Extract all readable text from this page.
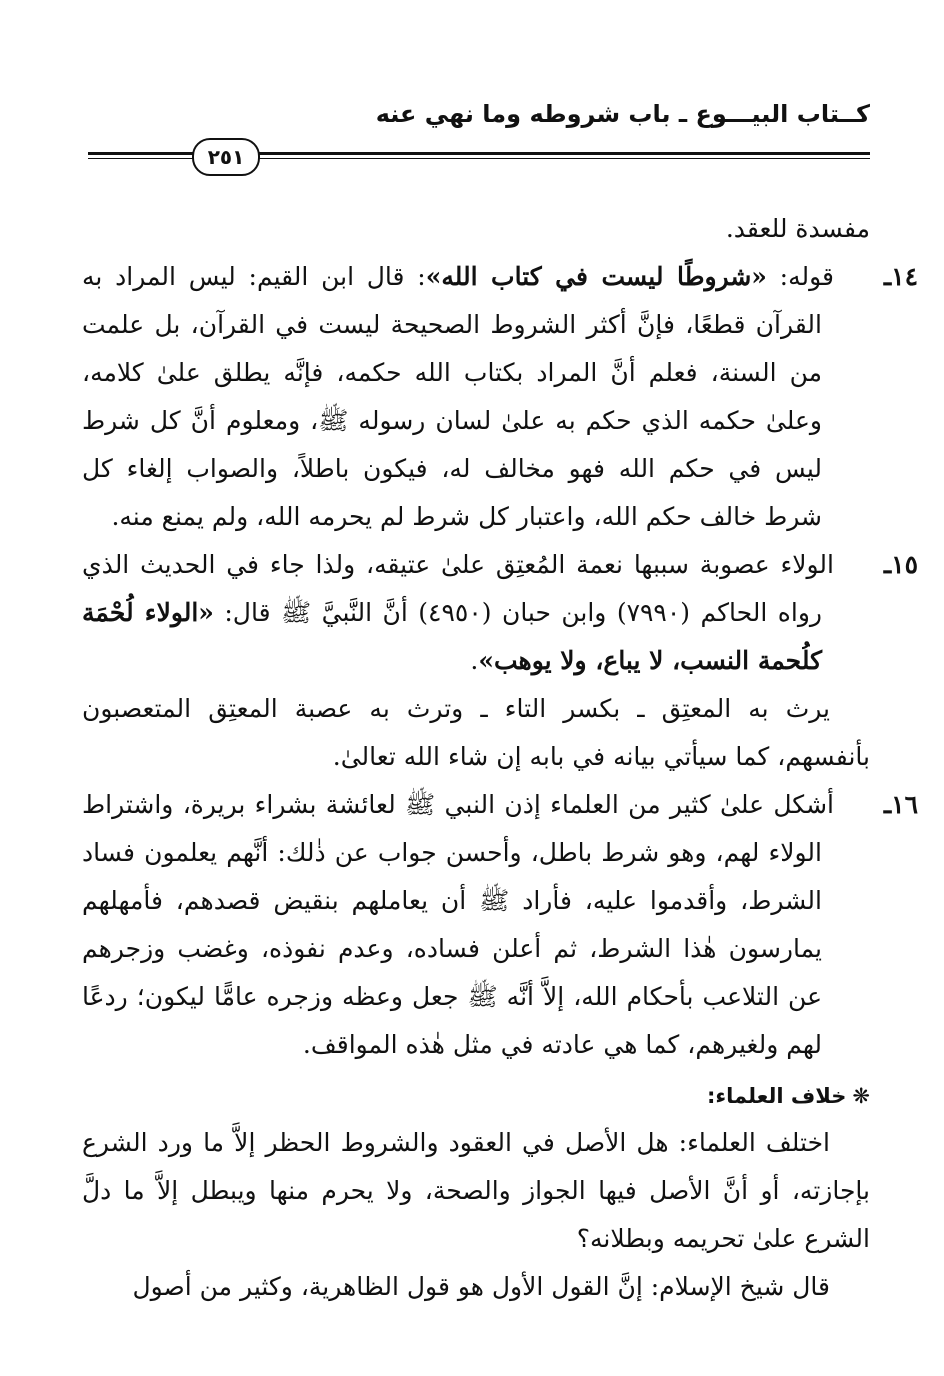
كــتاب البيـــوع ـ باب شروطه وما نهي عنه
٢٥١

مفسدة للعقد.

١٤ـقوله: «شروطًا ليست في كتاب الله»: قال ابن القيم: ليس المراد به القرآن قطعًا، فإنَّ أكثر الشروط الصحيحة ليست في القرآن، بل علمت من السنة، فعلم أنَّ المراد بكتاب الله حكمه، فإنَّه يطلق علىٰ كلامه، وعلىٰ حكمه الذي حكم به علىٰ لسان رسوله ﷺ، ومعلوم أنَّ كل شرط ليس في حكم الله فهو مخالف له، فيكون باطلاً، والصواب إلغاء كل شرط خالف حكم الله، واعتبار كل شرط لم يحرمه الله، ولم يمنع منه.

١٥ـالولاء عصوبة سببها نعمة المُعتِق علىٰ عتيقه، ولذا جاء في الحديث الذي رواه الحاكم (٧٩٩٠) وابن حبان (٤٩٥٠) أنَّ النَّبيَّ ﷺ قال: «الولاء لُحْمَة كلُحمة النسب، لا يباع، ولا يوهب».

يرث به المعتِق ـ بكسر التاء ـ وترث به عصبة المعتِق المتعصبون بأنفسهم، كما سيأتي بيانه في بابه إن شاء الله تعالىٰ.

١٦ـأشكل علىٰ كثير من العلماء إذن النبي ﷺ لعائشة بشراء بريرة، واشتراط الولاء لهم، وهو شرط باطل، وأحسن جواب عن ذٰلك: أنَّهم يعلمون فساد الشرط، وأقدموا عليه، فأراد ﷺ أن يعاملهم بنقيض قصدهم، فأمهلهم يمارسون هٰذا الشرط، ثم أعلن فساده، وعدم نفوذه، وغضب وزجرهم عن التلاعب بأحكام الله، إلاَّ أنَّه ﷺ جعل وعظه وزجره عامًّا ليكون؛ ردعًا لهم ولغيرهم، كما هي عادته في مثل هٰذه المواقف.

❋خلاف العلماء:

اختلف العلماء: هل الأصل في العقود والشروط الحظر إلاَّ ما ورد الشرع بإجازته، أو أنَّ الأصل فيها الجواز والصحة، ولا يحرم منها ويبطل إلاَّ ما دلَّ الشرع علىٰ تحريمه وبطلانه؟

قال شيخ الإسلام: إنَّ القول الأول هو قول الظاهرية، وكثير من أصول
